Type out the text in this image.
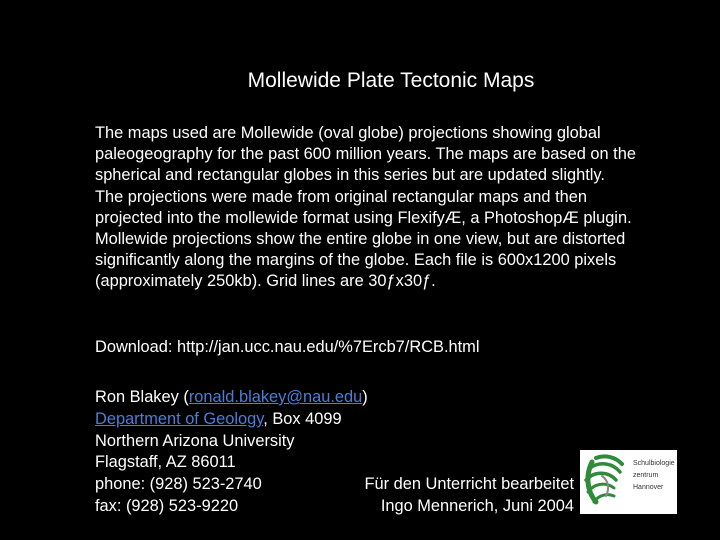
Mollewide Plate Tectonic Maps
The maps used are Mollewide (oval globe) projections showing global
paleogeography for the past 600 million years. The maps are based on the
spherical and rectangular globes in this series but are updated slightly.
The projections were made from original rectangular maps and then
projected into the mollewide format using FlexifyÆ, a PhotoshopÆ plugin.
Mollewide projections show the entire globe in one view, but are distorted
significantly along the margins of the globe. Each file is 600x1200 pixels
(approximately 250kb). Grid lines are 30ƒx30ƒ.
Download: http://jan.ucc.nau.edu/%7Ercb7/RCB.html
Ron Blakey (ronald.blakey@nau.edu)
Department of Geology, Box 4099
Northern Arizona University
Flagstaff, AZ 86011
phone: (928) 523-2740
fax: (928) 523-9220
Für den Unterricht bearbeitet
Ingo Mennerich, Juni 2004
Schulbiologie
zentrum
Hannover
